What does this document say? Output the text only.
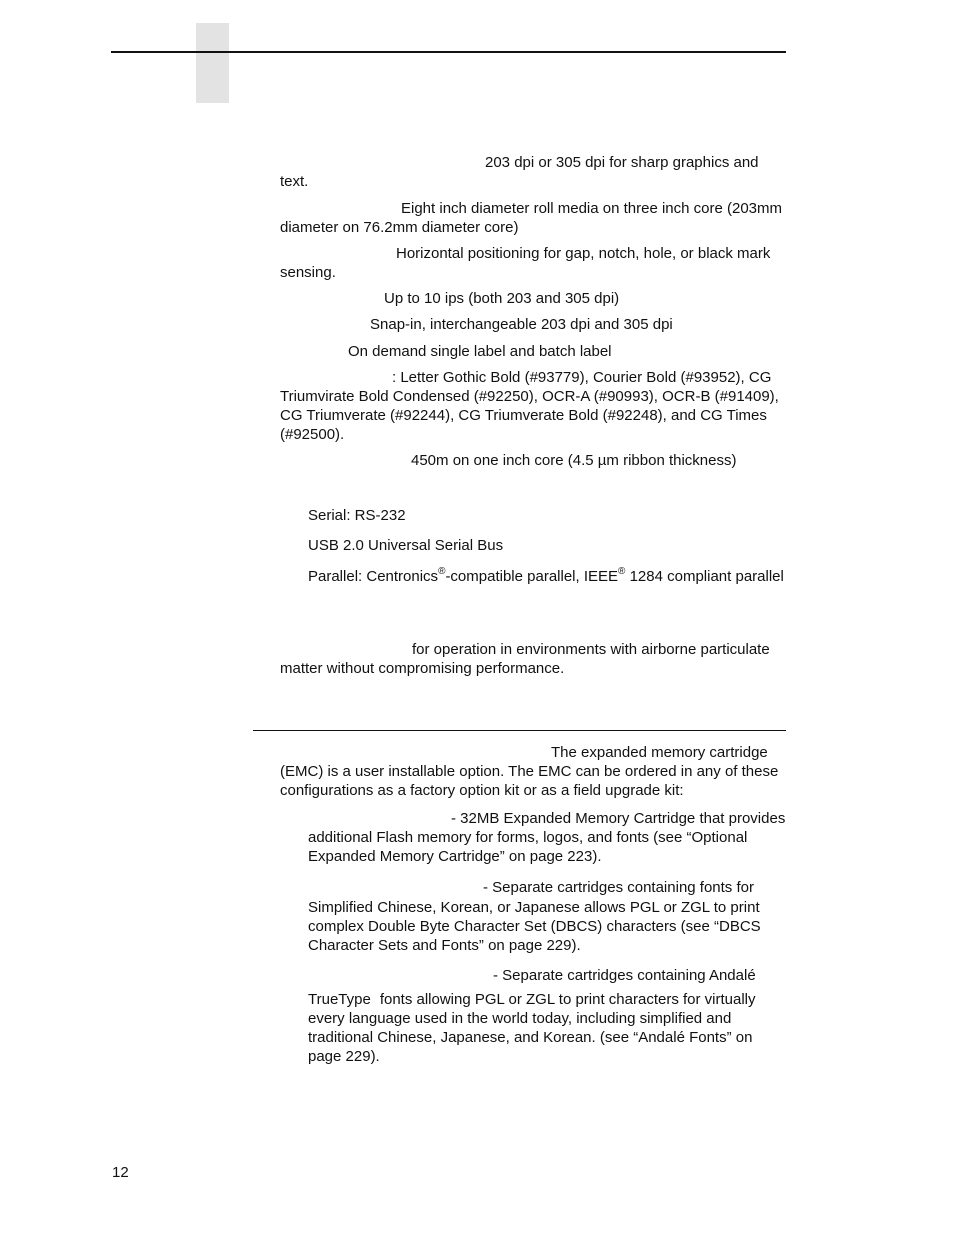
203 dpi or 305 dpi for sharp graphics and text.

Eight inch diameter roll media on three inch core (203mm diameter on 76.2mm diameter core)

Horizontal positioning for gap, notch, hole, or black mark sensing.

Up to 10 ips (both 203 and 305 dpi)

Snap-in, interchangeable 203 dpi and 305 dpi

On demand single label and batch label

: Letter Gothic Bold (#93779), Courier Bold (#93952), CG Triumvirate Bold Condensed (#92250), OCR-A (#90993), OCR-B (#91409), CG Triumverate (#92244), CG Triumverate Bold (#92248), and CG Times (#92500).

450m on one inch core (4.5 µm ribbon thickness)

Serial: RS-232

USB 2.0 Universal Serial Bus

Parallel: Centronics®-compatible parallel, IEEE® 1284 compliant parallel

for operation in environments with airborne particulate matter without compromising performance.

The expanded memory cartridge (EMC) is a user installable option. The EMC can be ordered in any of these configurations as a factory option kit or as a field upgrade kit:

- 32MB Expanded Memory Cartridge that provides additional Flash memory for forms, logos, and fonts (see “Optional Expanded Memory Cartridge” on page 223).

- Separate cartridges containing fonts for

Simplified Chinese, Korean, or Japanese allows PGL or ZGL to print complex Double Byte Character Set (DBCS) characters (see “DBCS Character Sets and Fonts” on page 229).

- Separate cartridges containing Andalé

TrueType fonts allowing PGL or ZGL to print characters for virtually every language used in the world today, including simplified and traditional Chinese, Japanese, and Korean. (see “Andalé Fonts” on page 229).

12
